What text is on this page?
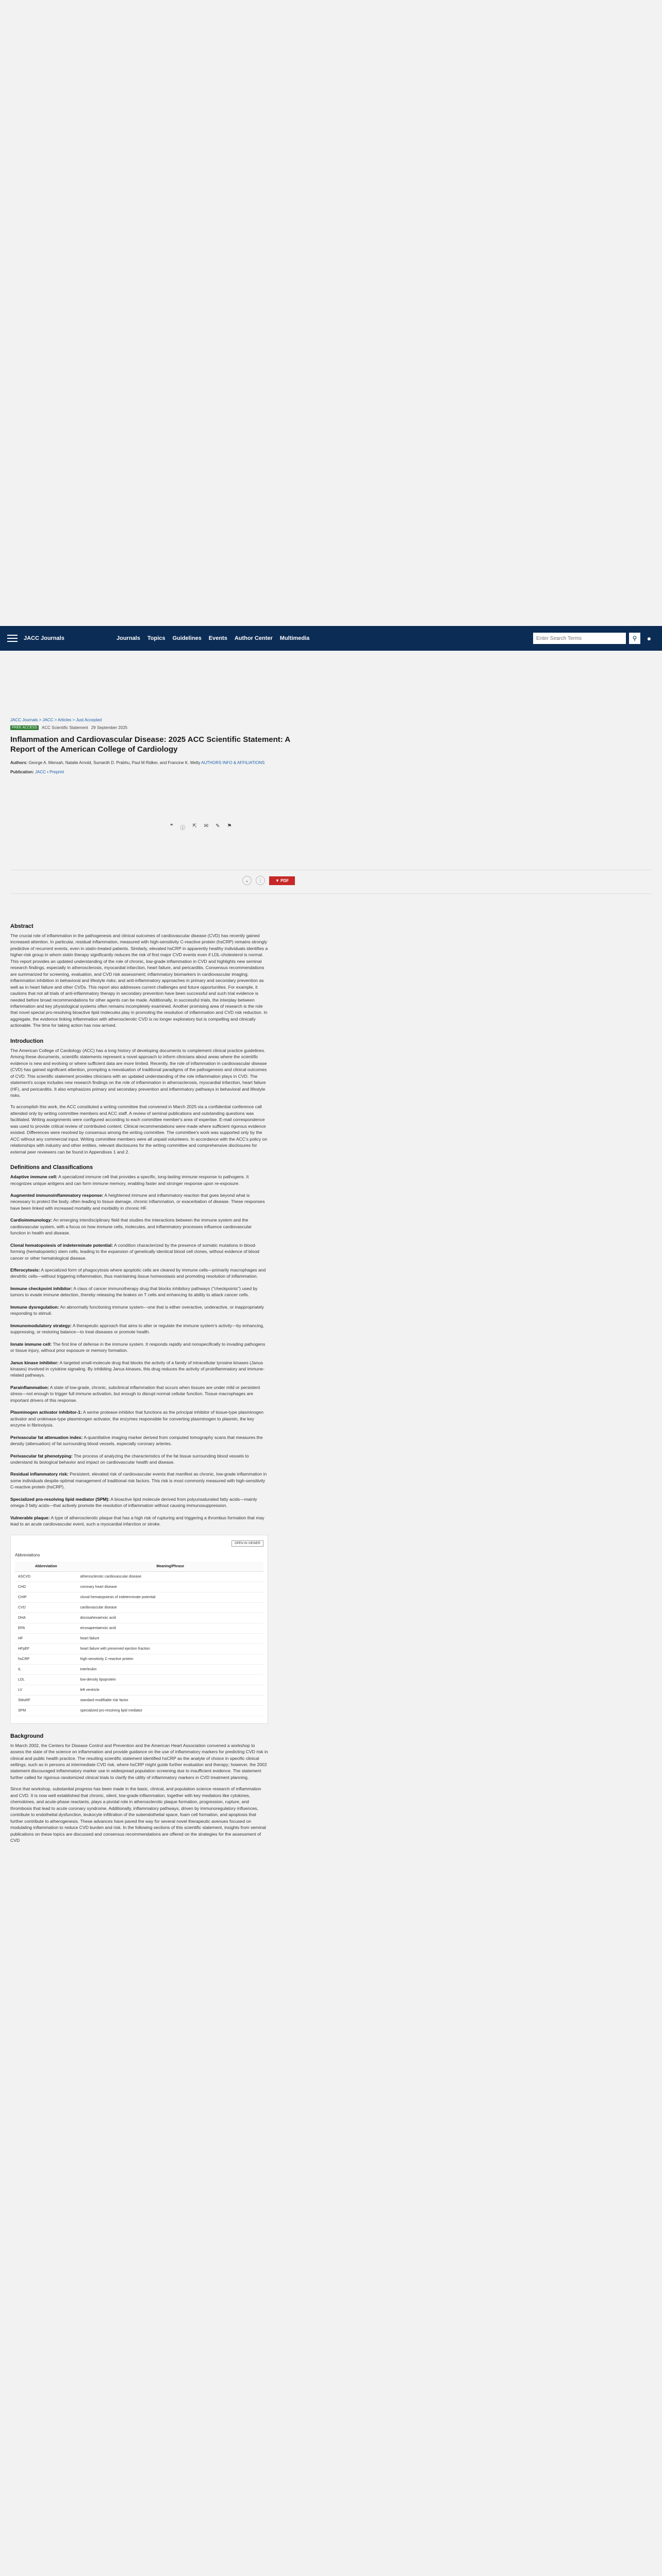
JACC Journals	Journals Topics Guidelines Events Author Center Multimedia
Enter Search Terms	⚲	●
JACC Journals > JACC > Articles > Just Accepted
FREE ACCESS	ACC Scientific Statement 29 September 2025
Inflammation and Cardiovascular Disease: 2025 ACC Scientific Statement: A Report of the American College of Cardiology
Authors: George A. Mensah, Natalie Arnold, Sumanth D. Prabhu, Paul M Ridker, and Francine K. Welty AUTHORS INFO & AFFILIATIONS
Publication: JACC • Preprint
❝ ⓘ ⇱ ✉ ✎ ⚑
⌄	⋮	▼ PDF
Abstract

The crucial role of inflammation in the pathogenesis and clinical outcomes of cardiovascular disease (CVD) has recently gained increased attention. In particular, residual inflammation, measured with high-sensitivity C-reactive protein (hsCRP) remains strongly predictive of recurrent events, even in statin-treated patients. Similarly, elevated hsCRP in apparently healthy individuals identifies a higher-risk group in whom statin therapy significantly reduces the risk of first major CVD events even if LDL-cholesterol is normal. This report provides an updated understanding of the role of chronic, low-grade inflammation in CVD and highlights new seminal research findings, especially in atherosclerosis, myocardial infarction, heart failure, and pericarditis. Consensus recommendations are summarized for screening, evaluation, and CVD risk assessment; inflammatory biomarkers in cardiovascular imaging; inflammation inhibition in behavioral and lifestyle risks; and anti-inflammatory approaches in primary and secondary prevention as well as in heart failure and other CVDs. This report also addresses current challenges and future opportunities. For example, it cautions that not all trials of anti-inflammatory therapy in secondary prevention have been successful and such trial evidence is needed before broad recommendations for other agents can be made. Additionally, in successful trials, the interplay between inflammation and key physiological systems often remains incompletely examined. Another promising area of research is the role that novel special pro-resolving bioactive lipid molecules play in promoting the resolution of inflammation and CVD risk reduction. In aggregate, the evidence linking inflammation with atherosclerotic CVD is no longer exploratory but is compelling and clinically actionable. The time for taking action has now arrived.

Introduction

The American College of Cardiology (ACC) has a long history of developing documents to complement clinical practice guidelines. Among these documents, scientific statements represent a novel approach to inform clinicians about areas where the scientific evidence is new and evolving or where sufficient data are more limited. Recently, the role of inflammation in cardiovascular disease (CVD) has gained significant attention, prompting a reevaluation of traditional paradigms of the pathogenesis and clinical outcomes of CVD. This scientific statement provides clinicians with an updated understanding of the role inflammation plays in CVD. The statement's scope includes new research findings on the role of inflammation in atherosclerosis, myocardial infarction, heart failure (HF), and pericarditis. It also emphasizes primary and secondary prevention and inflammatory pathways in behavioral and lifestyle risks.

To accomplish this work, the ACC constituted a writing committee that convened in March 2025 via a confidential conference call attended only by writing committee members and ACC staff. A review of seminal publications and outstanding questions was facilitated. Writing assignments were configured according to each committee member's area of expertise. E-mail correspondence was used to provide critical review of contributed content. Clinical recommendations were made where sufficient rigorous evidence existed. Differences were resolved by consensus among the writing committee. The committee's work was supported only by the ACC without any commercial input. Writing committee members were all unpaid volunteers. In accordance with the ACC's policy on relationships with industry and other entities, relevant disclosures for the writing committee and comprehensive disclosures for external peer reviewers can be found in Appendixes 1 and 2.

Definitions and Classifications
Adaptive immune cell: A specialized immune cell that provides a specific, long-lasting immune response to pathogens. It recognizes unique antigens and can form immune memory, enabling faster and stronger response upon re-exposure.
Augmented immunoinflammatory response: A heightened immune and inflammatory reaction that goes beyond what is necessary to protect the body, often leading to tissue damage, chronic inflammation, or exacerbation of disease. These responses have been linked with increased mortality and morbidity in chronic HF.
Cardioimmunology: An emerging interdisciplinary field that studies the interactions between the immune system and the cardiovascular system, with a focus on how immune cells, molecules, and inflammatory processes influence cardiovascular function in health and disease.
Clonal hematopoiesis of indeterminate potential: A condition characterized by the presence of somatic mutations in blood-forming (hematopoietic) stem cells, leading to the expansion of genetically identical blood cell clones, without evidence of blood cancer or other hematological disease.
Efferocytosis: A specialized form of phagocytosis where apoptotic cells are cleared by immune cells—primarily macrophages and dendritic cells—without triggering inflammation, thus maintaining tissue homeostasis and promoting resolution of inflammation.
Immune checkpoint inhibitor: A class of cancer immunotherapy drug that blocks inhibitory pathways ("checkpoints") used by tumors to evade immune detection, thereby releasing the brakes on T cells and enhancing its ability to attack cancer cells.
Immune dysregulation: An abnormally functioning immune system—one that is either overactive, underactive, or inappropriately responding to stimuli.
Immunomodulatory strategy: A therapeutic approach that aims to alter or regulate the immune system's activity—by enhancing, suppressing, or restoring balance—to treat diseases or promote health.
Innate immune cell: The first line of defense in the immune system. It responds rapidly and nonspecifically to invading pathogens or tissue injury, without prior exposure or memory formation.
Janus kinase inhibitor: A targeted small-molecule drug that blocks the activity of a family of intracellular tyrosine kinases (Janus kinases) involved in cytokine signaling. By inhibiting Janus kinases, this drug reduces the activity of proinflammatory and immune-related pathways.
Parainflammation: A state of low-grade, chronic, subclinical inflammation that occurs when tissues are under mild or persistent stress—not enough to trigger full immune activation, but enough to disrupt normal cellular function. Tissue macrophages are important drivers of this response.
Plasminogen activator inhibitor-1: A serine protease inhibitor that functions as the principal inhibitor of tissue-type plasminogen activator and urokinase-type plasminogen activator, the enzymes responsible for converting plasminogen to plasmin, the key enzyme in fibrinolysis.
Perivascular fat attenuation index: A quantitative imaging marker derived from computed tomography scans that measures the density (attenuation) of fat surrounding blood vessels, especially coronary arteries.
Perivascular fat phenotyping: The process of analyzing the characteristics of the fat tissue surrounding blood vessels to understand its biological behavior and impact on cardiovascular health and disease.
Residual inflammatory risk: Persistent, elevated risk of cardiovascular events that manifest as chronic, low-grade inflammation in some individuals despite optimal management of traditional risk factors. This risk is most commonly measured with high-sensitivity C-reactive protein (hsCRP).
Specialized pro-resolving lipid mediator (SPM): A bioactive lipid molecule derived from polyunsaturated fatty acids—mainly omega-3 fatty acids—that actively promote the resolution of inflammation without causing immunosuppression.
Vulnerable plaque: A type of atherosclerotic plaque that has a high risk of rupturing and triggering a thrombus formation that may lead to an acute cardiovascular event, such a myocardial infarction or stroke.
OPEN IN VIEWER
Abbreviations
Abbreviation	Meaning/Phrase
ASCVD	atherosclerotic cardiovascular disease
CHD	coronary heart disease
CHIP	clonal hematopoiesis of indeterminate potential
CVD	cardiovascular disease
DHA	docosahexaenoic acid
EPA	eicosapentaenoic acid
HF	heart failure
HFpEF	heart failure with preserved ejection fraction
hsCRP	high-sensitivity C-reactive protein
IL	interleukin
LDL	low-density lipoprotein
LV	left ventricle
SMuRF	standard modifiable risk factor
SPM	specialized pro-resolving lipid mediator
Background

In March 2002, the Centers for Disease Control and Prevention and the American Heart Association convened a workshop to assess the state of the science on inflammation and provide guidance on the use of inflammatory markers for predicting CVD risk in clinical and public health practice. The resulting scientific statement identified hsCRP as the analyte of choice in specific clinical settings, such as in persons at intermediate CVD risk, where hsCRP might guide further evaluation and therapy; however, the 2002 statement discouraged inflammatory marker use in widespread population screening due to insufficient evidence. The statement further called for rigorous randomized clinical trials to clarify the utility of inflammatory markers in CVD treatment planning.

Since that workshop, substantial progress has been made in the basic, clinical, and population science research of inflammation and CVD. It is now well established that chronic, silent, low-grade inflammation, together with key mediators like cytokines, chemokines, and acute-phase reactants, plays a pivotal role in atherosclerotic plaque formation, progression, rupture, and thrombosis that lead to acute coronary syndrome. Additionally, inflammatory pathways, driven by immunoregulatory influences, contribute to endothelial dysfunction, leukocyte infiltration of the subendothelial space, foam cell formation, and apoptosis that further contribute to atherogenesis. These advances have paved the way for several novel therapeutic avenues focused on modulating inflammation to reduce CVD burden and risk. In the following sections of this scientific statement, insights from seminal publications on these topics are discussed and consensus recommendations are offered on the strategies for the assessment of CVD
